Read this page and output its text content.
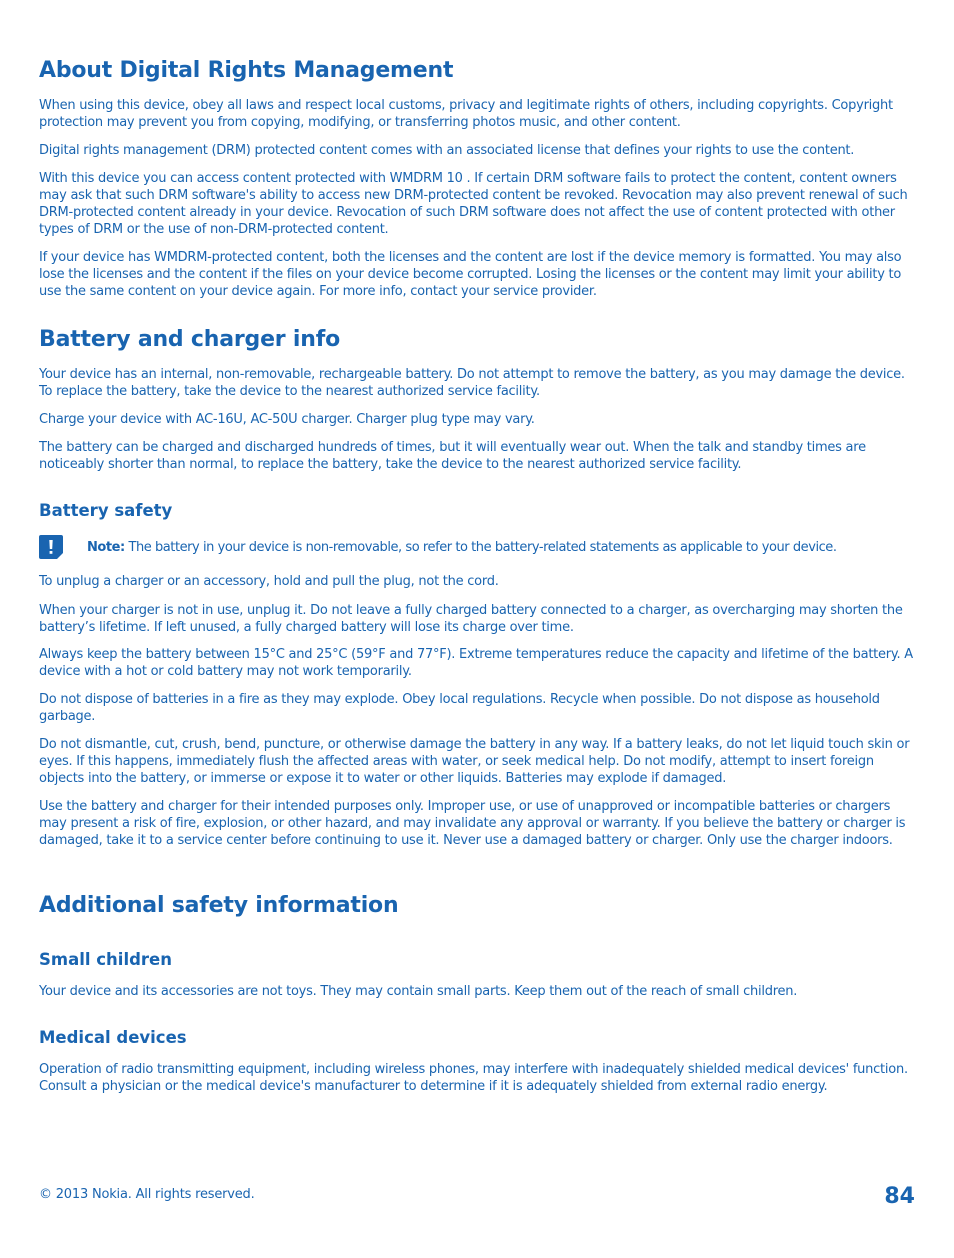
About Digital Rights Management

When using this device, obey all laws and respect local customs, privacy and legitimate rights of others, including copyrights. Copyright protection may prevent you from copying, modifying, or transferring photos music, and other content.

Digital rights management (DRM) protected content comes with an associated license that defines your rights to use the content.

With this device you can access content protected with WMDRM 10 . If certain DRM software fails to protect the content, content owners may ask that such DRM software's ability to access new DRM-protected content be revoked. Revocation may also prevent renewal of such DRM-protected content already in your device. Revocation of such DRM software does not affect the use of content protected with other types of DRM or the use of non-DRM-protected content.

If your device has WMDRM-protected content, both the licenses and the content are lost if the device memory is formatted. You may also lose the licenses and the content if the files on your device become corrupted. Losing the licenses or the content may limit your ability to use the same content on your device again. For more info, contact your service provider.

Battery and charger info

Your device has an internal, non-removable, rechargeable battery. Do not attempt to remove the battery, as you may damage the device. To replace the battery, take the device to the nearest authorized service facility.

Charge your device with AC-16U, AC-50U charger. Charger plug type may vary.

The battery can be charged and discharged hundreds of times, but it will eventually wear out. When the talk and standby times are noticeably shorter than normal, to replace the battery, take the device to the nearest authorized service facility.

Battery safety
Note: The battery in your device is non-removable, so refer to the battery-related statements as applicable to your device.

To unplug a charger or an accessory, hold and pull the plug, not the cord.

When your charger is not in use, unplug it. Do not leave a fully charged battery connected to a charger, as overcharging may shorten the battery’s lifetime. If left unused, a fully charged battery will lose its charge over time.

Always keep the battery between 15°C and 25°C (59°F and 77°F). Extreme temperatures reduce the capacity and lifetime of the battery. A device with a hot or cold battery may not work temporarily.

Do not dispose of batteries in a fire as they may explode. Obey local regulations. Recycle when possible. Do not dispose as household garbage.

Do not dismantle, cut, crush, bend, puncture, or otherwise damage the battery in any way. If a battery leaks, do not let liquid touch skin or eyes. If this happens, immediately flush the affected areas with water, or seek medical help. Do not modify, attempt to insert foreign objects into the battery, or immerse or expose it to water or other liquids. Batteries may explode if damaged.

Use the battery and charger for their intended purposes only. Improper use, or use of unapproved or incompatible batteries or chargers may present a risk of fire, explosion, or other hazard, and may invalidate any approval or warranty. If you believe the battery or charger is damaged, take it to a service center before continuing to use it. Never use a damaged battery or charger. Only use the charger indoors.

Additional safety information
Small children

Your device and its accessories are not toys. They may contain small parts. Keep them out of the reach of small children.

Medical devices

Operation of radio transmitting equipment, including wireless phones, may interfere with inadequately shielded medical devices' function. Consult a physician or the medical device's manufacturer to determine if it is adequately shielded from external radio energy.

© 2013 Nokia. All rights reserved.	84
